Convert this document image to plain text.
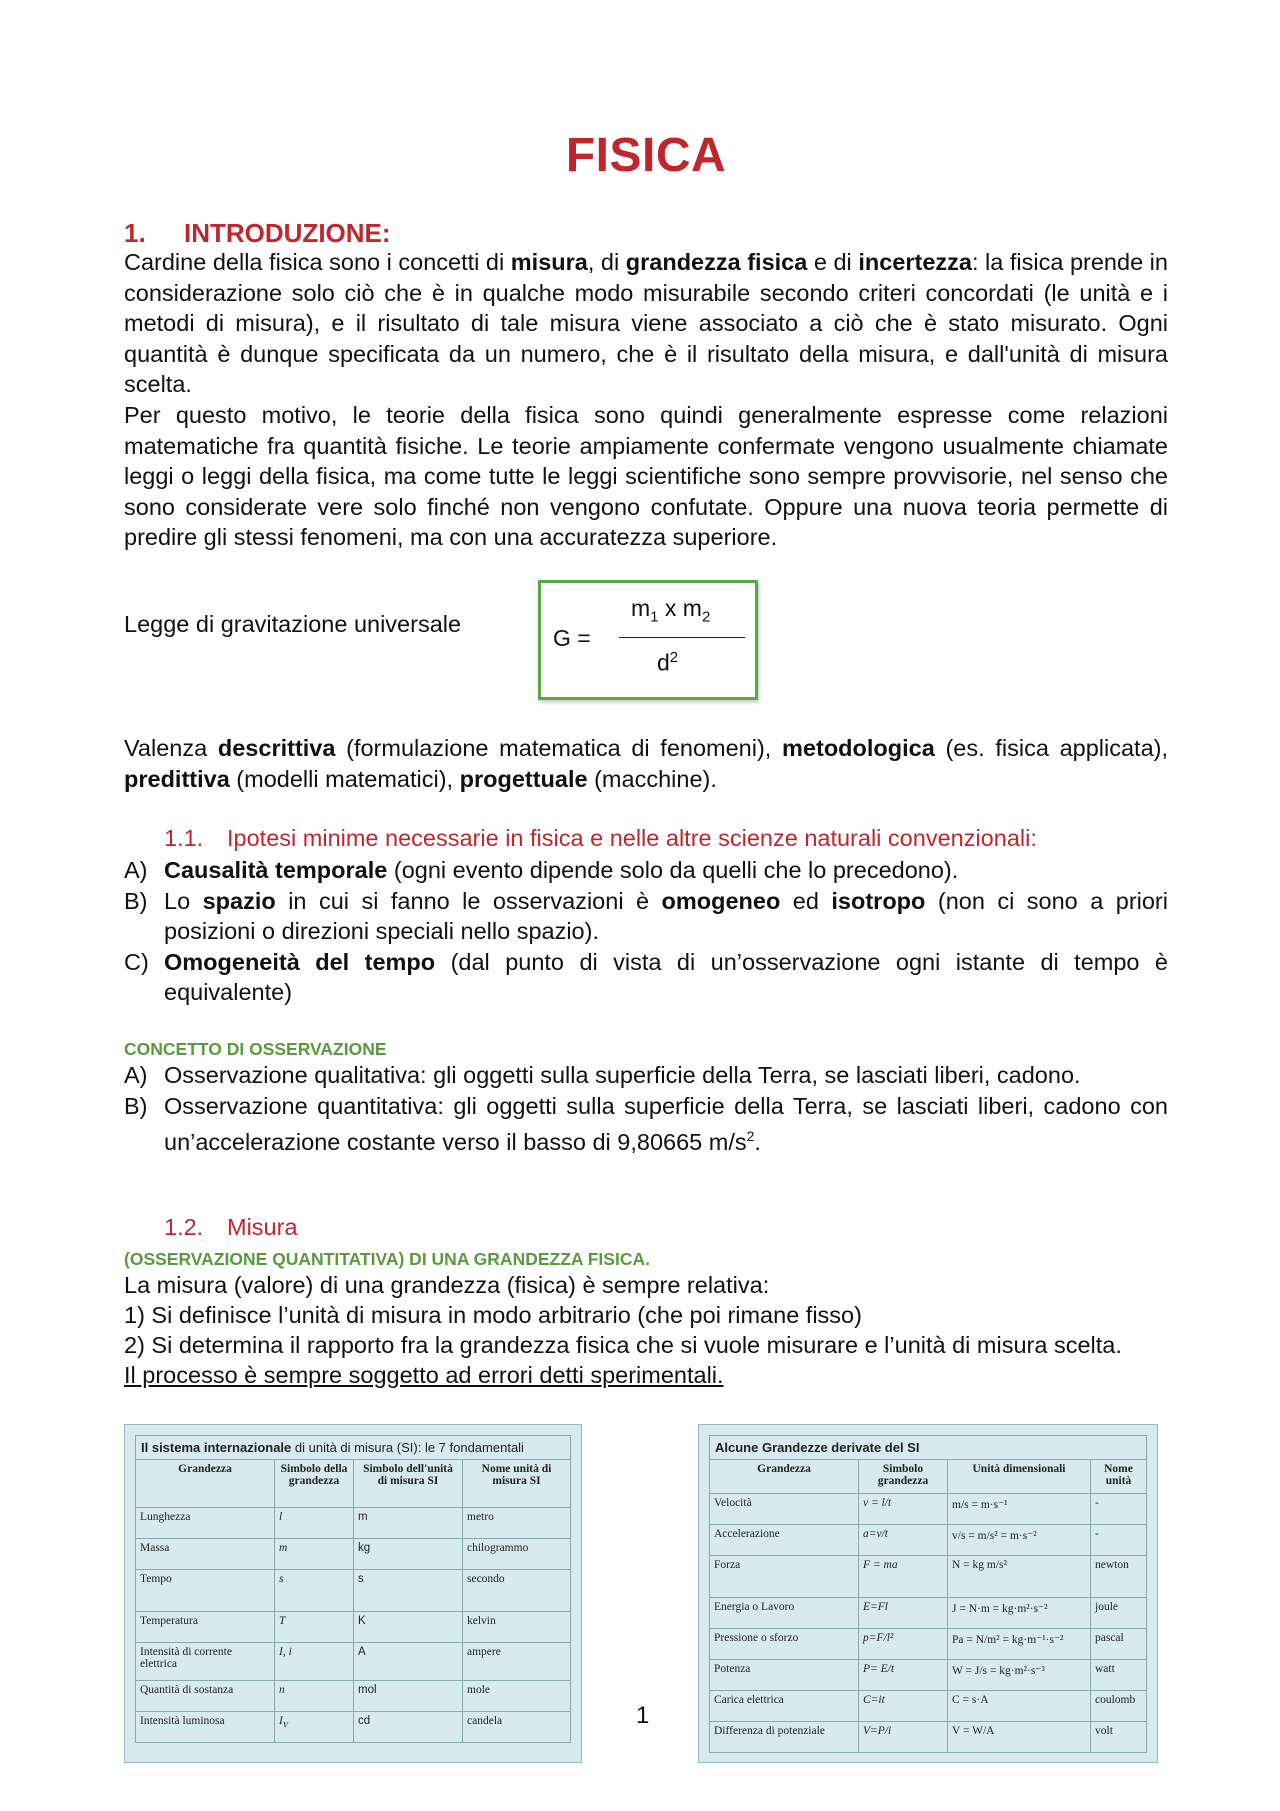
FISICA
1. INTRODUZIONE:

Cardine della fisica sono i concetti di misura, di grandezza fisica e di incertezza: la fisica prende in considerazione solo ciò che è in qualche modo misurabile secondo criteri concordati (le unità e i metodi di misura), e il risultato di tale misura viene associato a ciò che è stato misurato. Ogni quantità è dunque specificata da un numero, che è il risultato della misura, e dall'unità di misura scelta.

Per questo motivo, le teorie della fisica sono quindi generalmente espresse come relazioni matematiche fra quantità fisiche. Le teorie ampiamente confermate vengono usualmente chiamate leggi o leggi della fisica, ma come tutte le leggi scientifiche sono sempre provvisorie, nel senso che sono considerate vere solo finché non vengono confutate. Oppure una nuova teoria permette di predire gli stessi fenomeni, ma con una accuratezza superiore.

Legge di gravitazione universale
G =
$m_1$ x $m_2$
$d^2$

Valenza descrittiva (formulazione matematica di fenomeni), metodologica (es. fisica applicata), predittiva (modelli matematici), progettuale (macchine).

1.1. Ipotesi minime necessarie in fisica e nelle altre scienze naturali convenzionali:
A) Causalità temporale (ogni evento dipende solo da quelli che lo precedono).
B) Lo spazio in cui si fanno le osservazioni è omogeneo ed isotropo (non ci sono a priori posizioni o direzioni speciali nello spazio).
C) Omogeneità del tempo (dal punto di vista di un’osservazione ogni istante di tempo è equivalente)
CONCETTO DI OSSERVAZIONE
A) Osservazione qualitativa: gli oggetti sulla superficie della Terra, se lasciati liberi, cadono.
B) Osservazione quantitativa: gli oggetti sulla superficie della Terra, se lasciati liberi, cadono con un’accelerazione costante verso il basso di 9,80665 $m/s^2$.
1.2. Misura
(OSSERVAZIONE QUANTITATIVA) DI UNA GRANDEZZA FISICA.
La misura (valore) di una grandezza (fisica) è sempre relativa:
1) Si definisce l’unità di misura in modo arbitrario (che poi rimane fisso)
2) Si determina il rapporto fra la grandezza fisica che si vuole misurare e l’unità di misura scelta.
Il processo è sempre soggetto ad errori detti sperimentali.
Il sistema internazionale di unità di misura (SI): le 7 fondamentali			
Grandezza	Simbolo della grandezza	Simbolo dell'unità di misura SI	Nome unità di misura SI
Lunghezza	l	m	metro
Massa	m	kg	chilogrammo
Tempo	s	s	secondo
Temperatura	T	K	kelvin
Intensità di corrente elettrica	I, i	A	ampere
Quantità di sostanza	n	mol	mole
Intensità luminosa	$I_V$	cd	candela	1
Alcune Grandezze derivate del SI			
Grandezza	Simbolo grandezza	Unità dimensionali	Nome unità
Velocità	v = l/t	m/s = m·s⁻¹	-
Accelerazione	a=v/t	v/s = m/s² = m·s⁻²	-
Forza	F = ma	N = kg m/s²	newton
Energia o Lavoro	E=Fl	J = N·m = kg·m²·s⁻²	joule
Pressione o sforzo	p=F/l²	Pa = N/m² = kg·m⁻¹·s⁻²	pascal
Potenza	P= E/t	W = J/s = kg·m²·s⁻³	watt
Carica elettrica	C=it	C = s·A	coulomb
Differenza di potenziale	V=P/i	V = W/A	volt
